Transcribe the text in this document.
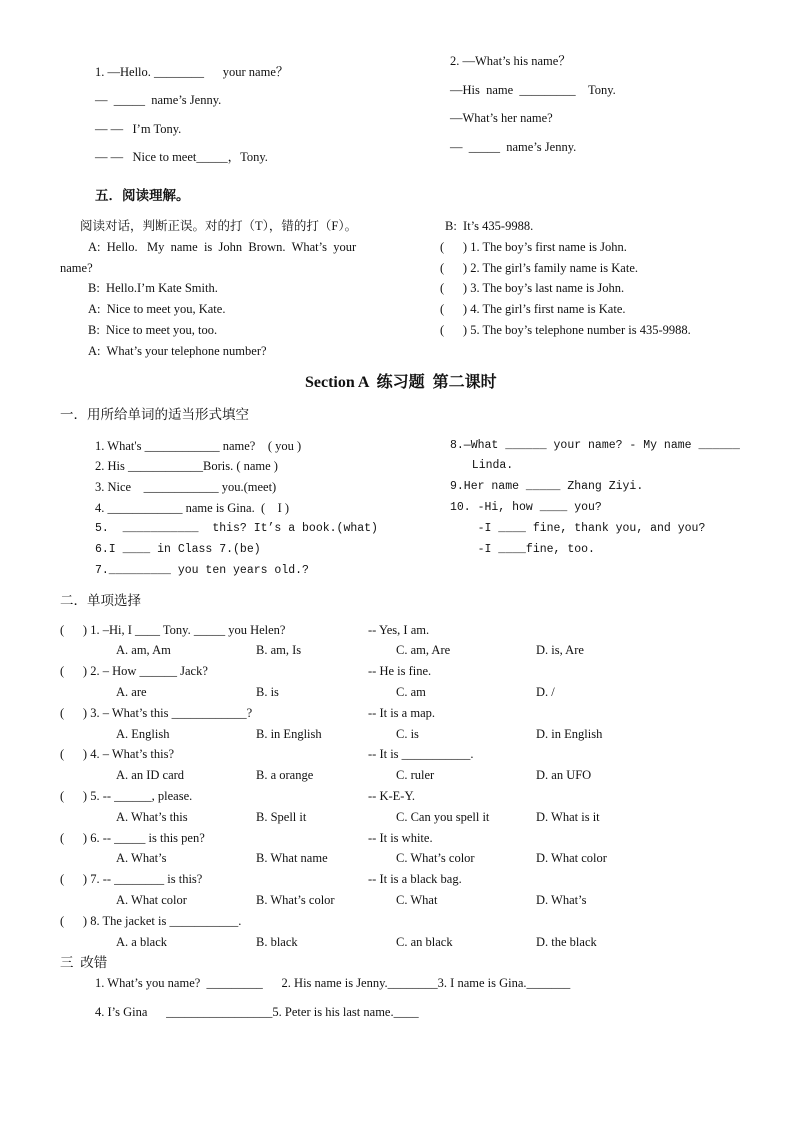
1. —Hello. ________      your name？
—  _____  name’s Jenny.
— —   I’m Tony.
— —   Nice to meet_____，Tony.
2. —What’s his name？
—His  name  _________    Tony.
—What’s her name?
—  _____  name’s Jenny.
五．阅读理解。
阅读对话，判断正误。对的打（T），错的打（F）。
A:  Hello.   My  name  is  John  Brown.  What’s  your
name?
B:  Hello.I’m Kate Smith.
A:  Nice to meet you, Kate.
B:  Nice to meet you, too.
A:  What’s your telephone number?
B:  It’s 435-9988.
(      ) 1. The boy’s first name is John.
(      ) 2. The girl’s family name is Kate.
(      ) 3. The boy’s last name is John.
(      ) 4. The girl’s first name is Kate.
(      ) 5. The boy’s telephone number is 435-9988.
Section A  练习题  第二课时
一．用所给单词的适当形式填空
1. What's ____________ name?    ( you )
2. His ____________Boris. ( name )
3. Nice    ____________ you.(meet)
4. ____________ name is Gina.  (    I )
5.  ___________  this? It’s a book.(what)
6.I ____ in Class 7.(be)
7._________ you ten years old.?
8.—What ______ your name? - My name ______
Linda.
9.Her name _____ Zhang Ziyi.
10. -Hi, how ____ you?
-I ____ fine, thank you, and you?
-I ____fine, too.
二．单项选择
(      ) 1. –Hi, I ____ Tony. _____ you Helen?	-- Yes, I am.
A. am, Am	B. am, Is	C. am, Are	D. is, Are
(      ) 2. – How ______ Jack?	-- He is fine.
A. are	B. is	C. am	D. /
(      ) 3. – What’s this ____________?	-- It is a map.
A. English	B. in English	C. is	D. in English
(      ) 4. – What’s this?	-- It is ___________.
A. an ID card	B. a orange	C. ruler	D. an UFO
(      ) 5. -- ______, please.	-- K-E-Y.
A. What’s this	B. Spell it	C. Can you spell it	D. What is it
(      ) 6. -- _____ is this pen?	-- It is white.
A. What’s	B. What name	C. What’s color	D. What color
(      ) 7. -- ________ is this?	-- It is a black bag.
A. What color	B. What’s color	C. What	D. What’s
(      ) 8. The jacket is ___________.
A. a black	B. black	C. an black	D. the black
三  改错
1. What’s you name?  _________      2. His name is Jenny.________3. I name is Gina._______
4. I’s Gina      _________________5. Peter is his last name.____
